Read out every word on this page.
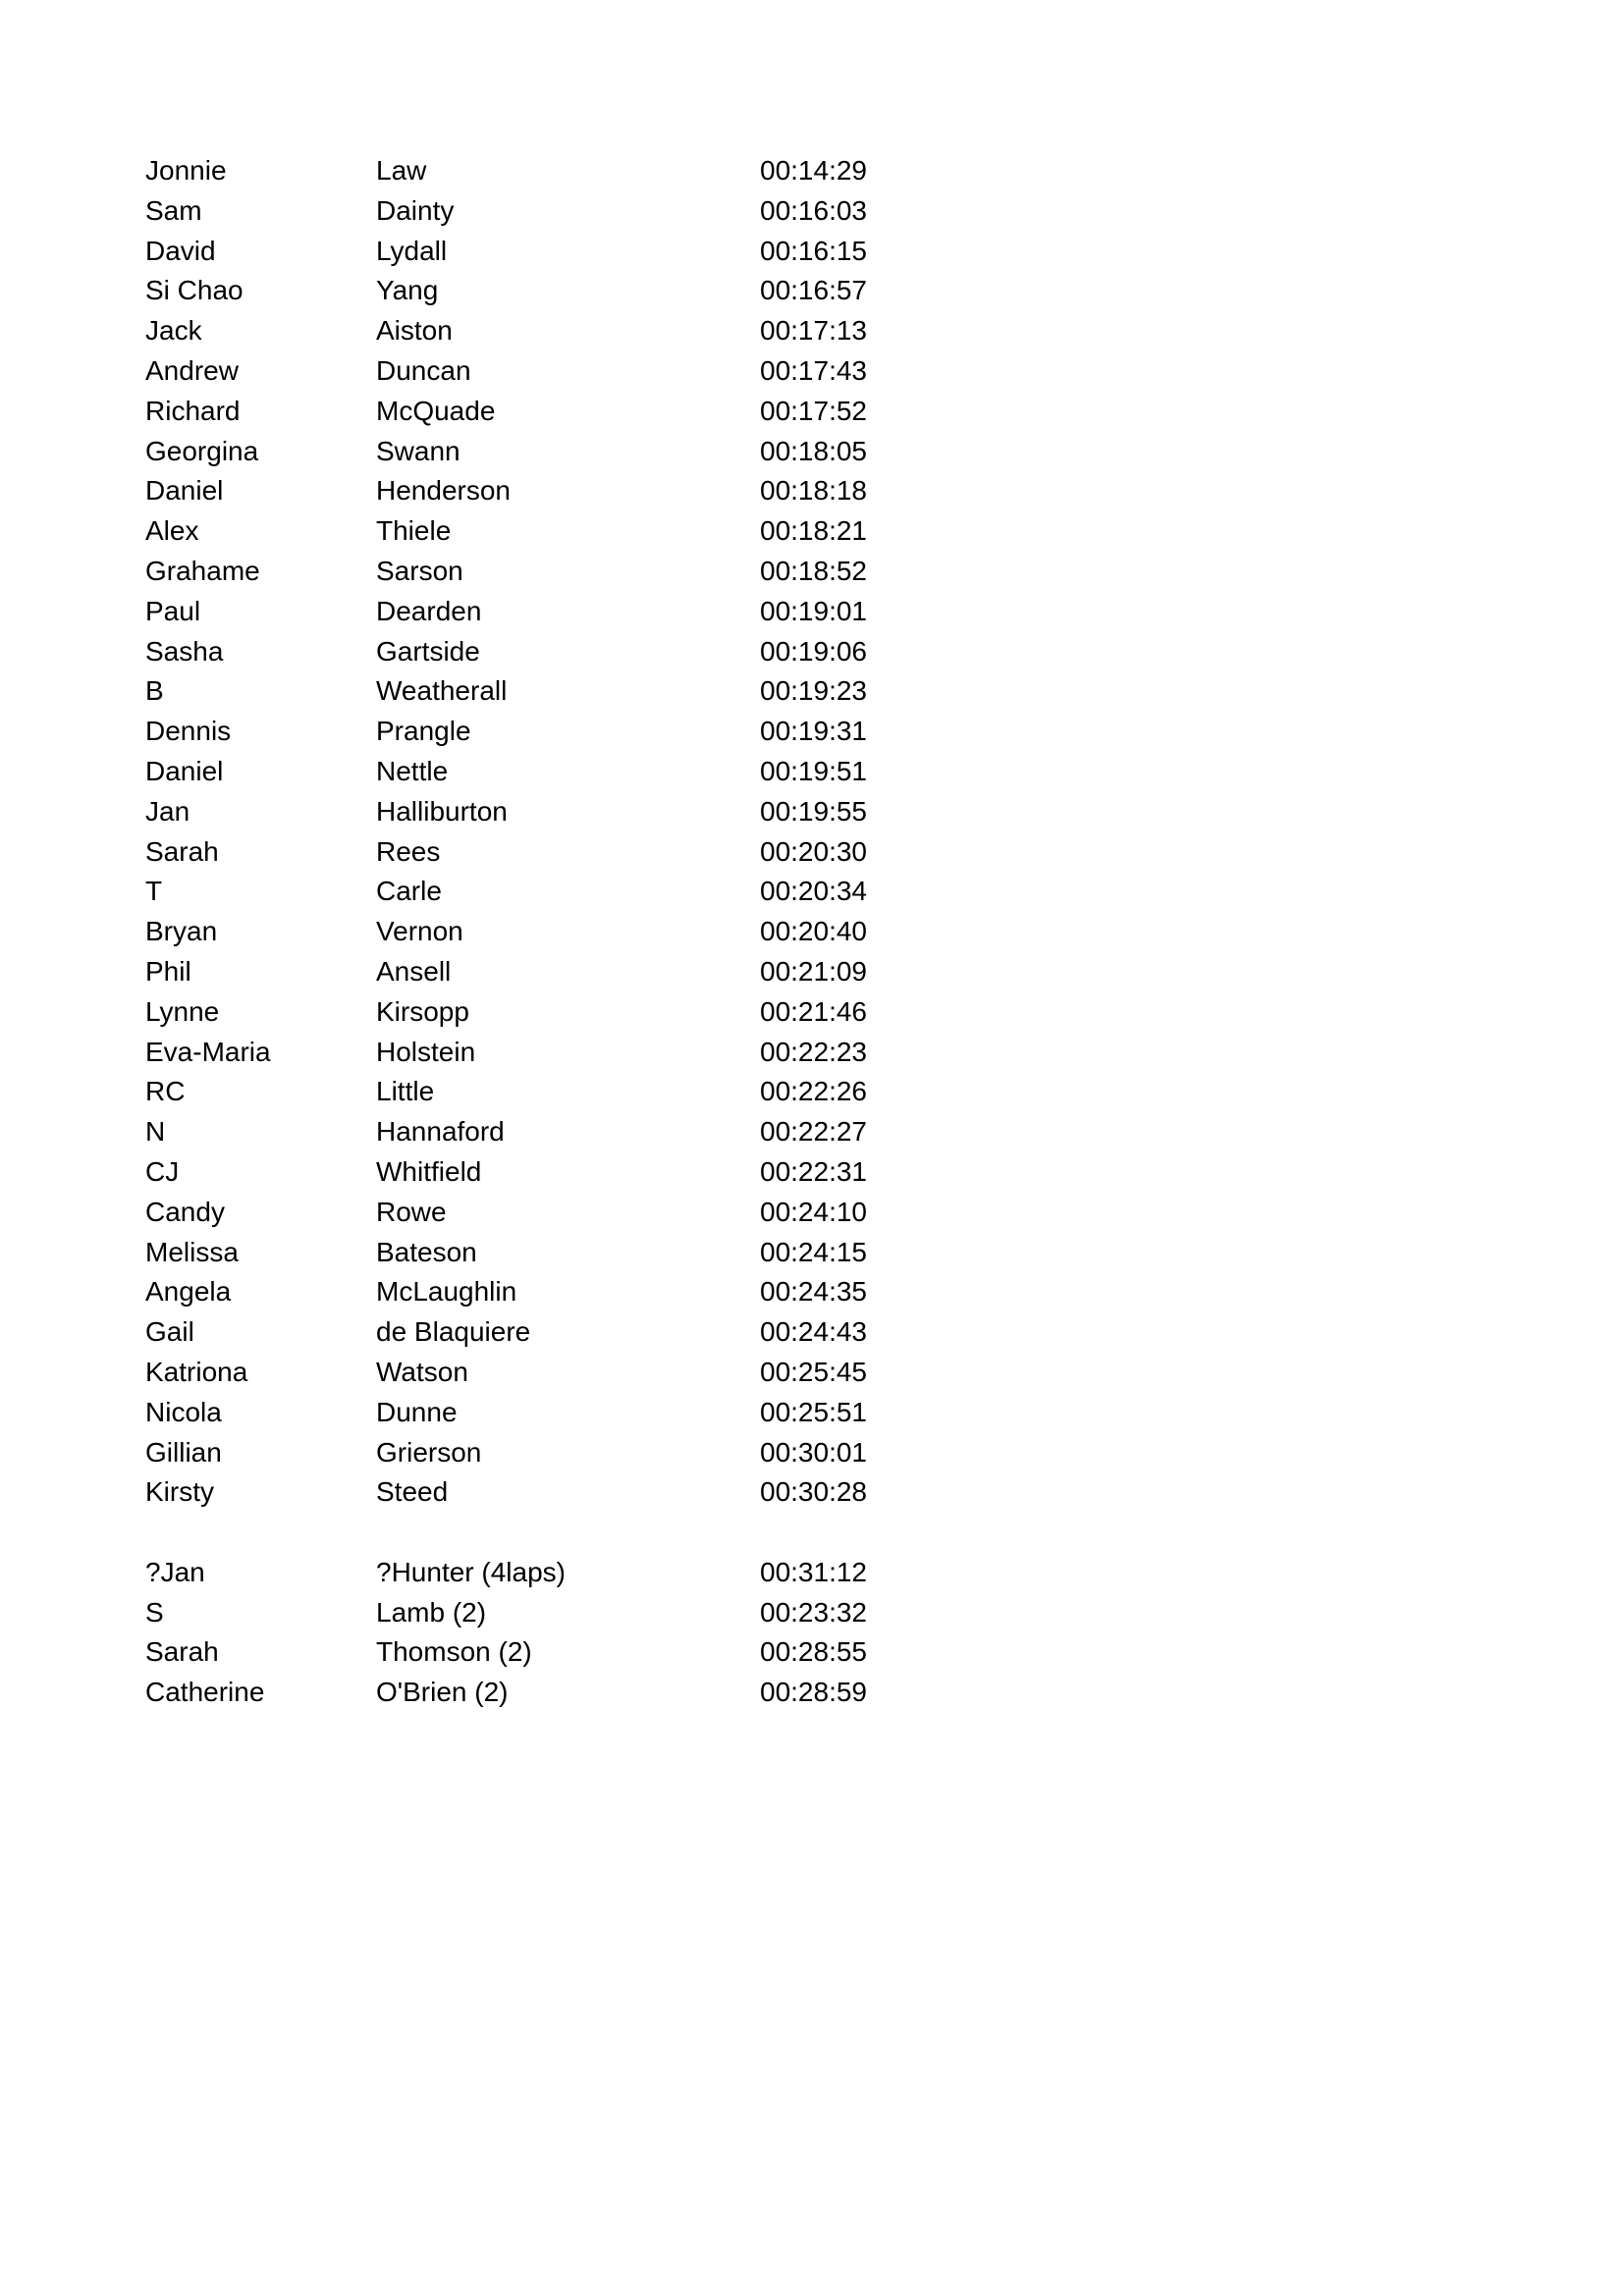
Jonnie	Law	00:14:29
Sam	Dainty	00:16:03
David	Lydall	00:16:15
Si Chao	Yang	00:16:57
Jack	Aiston	00:17:13
Andrew	Duncan	00:17:43
Richard	McQuade	00:17:52
Georgina	Swann	00:18:05
Daniel	Henderson	00:18:18
Alex	Thiele	00:18:21
Grahame	Sarson	00:18:52
Paul	Dearden	00:19:01
Sasha	Gartside	00:19:06
B	Weatherall	00:19:23
Dennis	Prangle	00:19:31
Daniel	Nettle	00:19:51
Jan	Halliburton	00:19:55
Sarah	Rees	00:20:30
T	Carle	00:20:34
Bryan	Vernon	00:20:40
Phil	Ansell	00:21:09
Lynne	Kirsopp	00:21:46
Eva-Maria	Holstein	00:22:23
RC	Little	00:22:26
N	Hannaford	00:22:27
CJ	Whitfield	00:22:31
Candy	Rowe	00:24:10
Melissa	Bateson	00:24:15
Angela	McLaughlin	00:24:35
Gail	de Blaquiere	00:24:43
Katriona	Watson	00:25:45
Nicola	Dunne	00:25:51
Gillian	Grierson	00:30:01
Kirsty	Steed	00:30:28
?Jan	?Hunter (4laps)	00:31:12
S	Lamb (2)	00:23:32
Sarah	Thomson (2)	00:28:55
Catherine	O'Brien (2)	00:28:59
